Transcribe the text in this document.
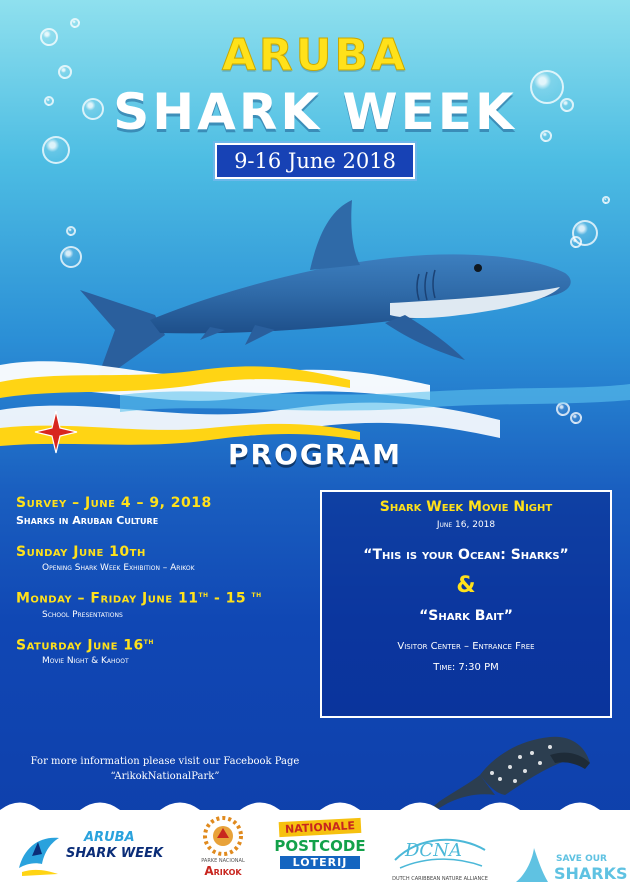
ARUBA
SHARK WEEK
9-16 June 2018
PROGRAM
Survey – June 4 – 9, 2018
Sharks in Aruban Culture
Sunday June 10th
Opening Shark Week Exhibition – Arikok
Monday – Friday June 11th - 15 $^{th}$
School Presentations
Saturday June 16th
Movie Night & Kahoot
Shark Week Movie Night
June 16, 2018
“This is your Ocean: Sharks”
&
“Shark Bait”
Visitor Center – Entrance Free
Time: 7:30 PM
For more information please visit our Facebook Page
“ArikokNationalPark”
ARUBA
SHARK WEEK	PARKE NACIONAL
Arikok
NATIONALE
POSTCODE
LOTERIJ
DCNA
DUTCH CARIBBEAN NATURE ALLIANCE
SAVE OUR
SHARKS
